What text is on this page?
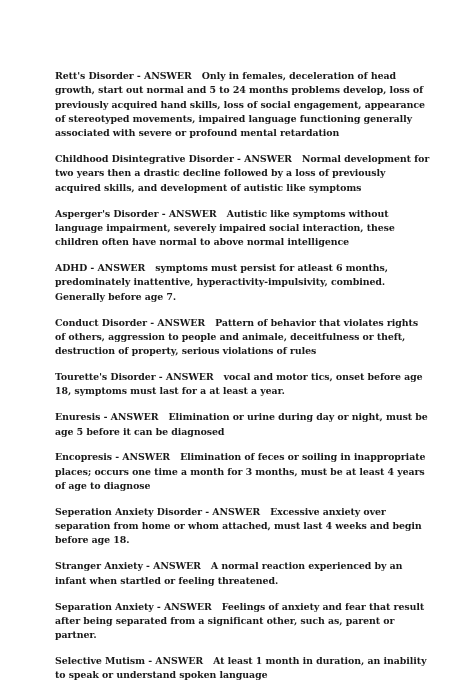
Rett's Disorder - ANSWER Only in females, deceleration of head growth, start out normal and 5 to 24 months problems develop, loss of previously acquired hand skills, loss of social engagement, appearance of stereotyped movements, impaired language functioning generally associated with severe or profound mental retardation

Childhood Disintegrative Disorder - ANSWER Normal development for two years then a drastic decline followed by a loss of previously acquired skills, and development of autistic like symptoms

Asperger's Disorder - ANSWER Autistic like symptoms without language impairment, severely impaired social interaction, these children often have normal to above normal intelligence

ADHD - ANSWER symptoms must persist for atleast 6 months, predominately inattentive, hyperactivity-impulsivity, combined. Generally before age 7.

Conduct Disorder - ANSWER Pattern of behavior that violates rights of others, aggression to people and animale, deceitfulness or theft, destruction of property, serious violations of rules

Tourette's Disorder - ANSWER vocal and motor tics, onset before age 18, symptoms must last for a at least a year.

Enuresis - ANSWER Elimination or urine during day or night, must be age 5 before it can be diagnosed

Encopresis - ANSWER Elimination of feces or soiling in inappropriate places; occurs one time a month for 3 months, must be at least 4 years of age to diagnose

Seperation Anxiety Disorder - ANSWER Excessive anxiety over separation from home or whom attached, must last 4 weeks and begin before age 18.

Stranger Anxiety - ANSWER A normal reaction experienced by an infant when startled or feeling threatened.

Separation Anxiety - ANSWER Feelings of anxiety and fear that result after being separated from a significant other, such as, parent or partner.

Selective Mutism - ANSWER At least 1 month in duration, an inability to speak or understand spoken language
